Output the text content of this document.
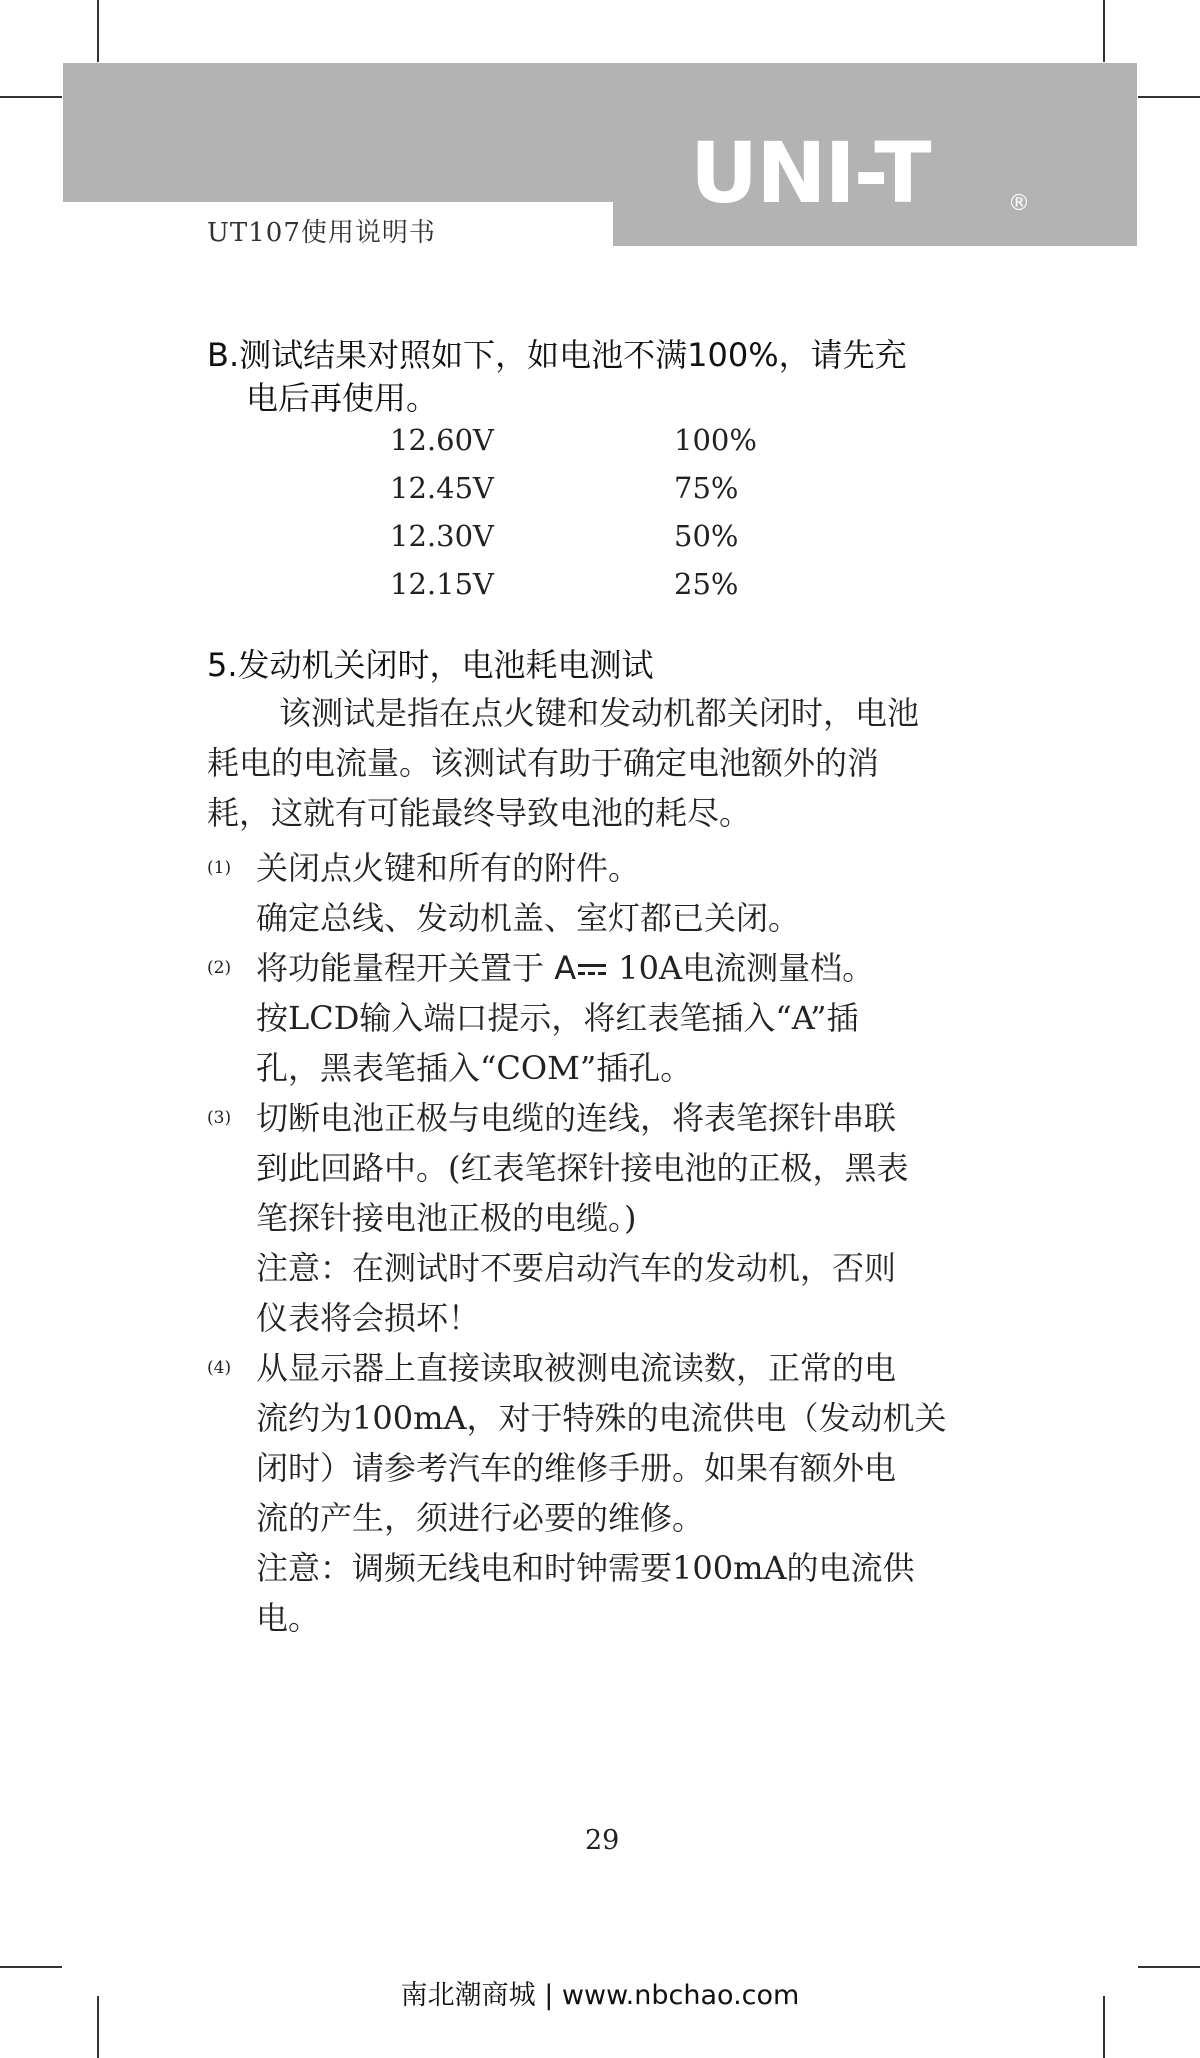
UNI-T	®
UT107使用说明书
B.测试结果对照如下，如电池不满100%，请先充
电后再使用。
12.60V	100%
12.45V	75%
12.30V	50%
12.15V	25%
5.发动机关闭时，电池耗电测试
该测试是指在点火键和发动机都关闭时，电池
耗电的电流量。该测试有助于确定电池额外的消
耗，这就有可能最终导致电池的耗尽。
(1) 关闭点火键和所有的附件。
确定总线、发动机盖、室灯都已关闭。
(2) 将功能量程开关置于 A 10A电流测量档。
按LCD输入端口提示，将红表笔插入“A”插
孔，黑表笔插入“COM”插孔。
(3) 切断电池正极与电缆的连线，将表笔探针串联
到此回路中。(红表笔探针接电池的正极，黑表
笔探针接电池正极的电缆。)
注意：在测试时不要启动汽车的发动机，否则
仪表将会损坏！
(4) 从显示器上直接读取被测电流读数，正常的电
流约为100mA，对于特殊的电流供电（发动机关
闭时）请参考汽车的维修手册。如果有额外电
流的产生，须进行必要的维修。
注意：调频无线电和时钟需要100mA的电流供
电。
29
南北潮商城 | www.nbchao.com
